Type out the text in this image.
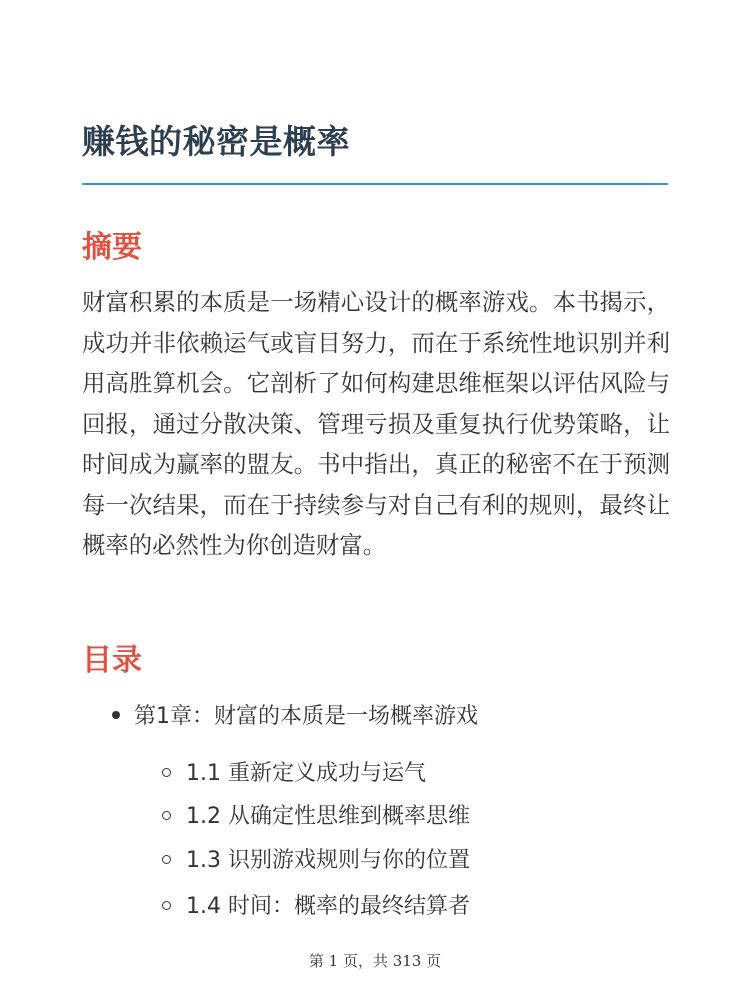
赚钱的秘密是概率
摘要

财富积累的本质是一场精心设计的概率游戏。本书揭示，成功并非依赖运气或盲目努力，而在于系统性地识别并利用高胜算机会。它剖析了如何构建思维框架以评估风险与回报，通过分散决策、管理亏损及重复执行优势策略，让时间成为赢率的盟友。书中指出，真正的秘密不在于预测每一次结果，而在于持续参与对自己有利的规则，最终让概率的必然性为你创造财富。

目录
第1章：财富的本质是一场概率游戏
1.1 重新定义成功与运气
1.2 从确定性思维到概率思维
1.3 识别游戏规则与你的位置
1.4 时间：概率的最终结算者
第 1 页，共 313 页
